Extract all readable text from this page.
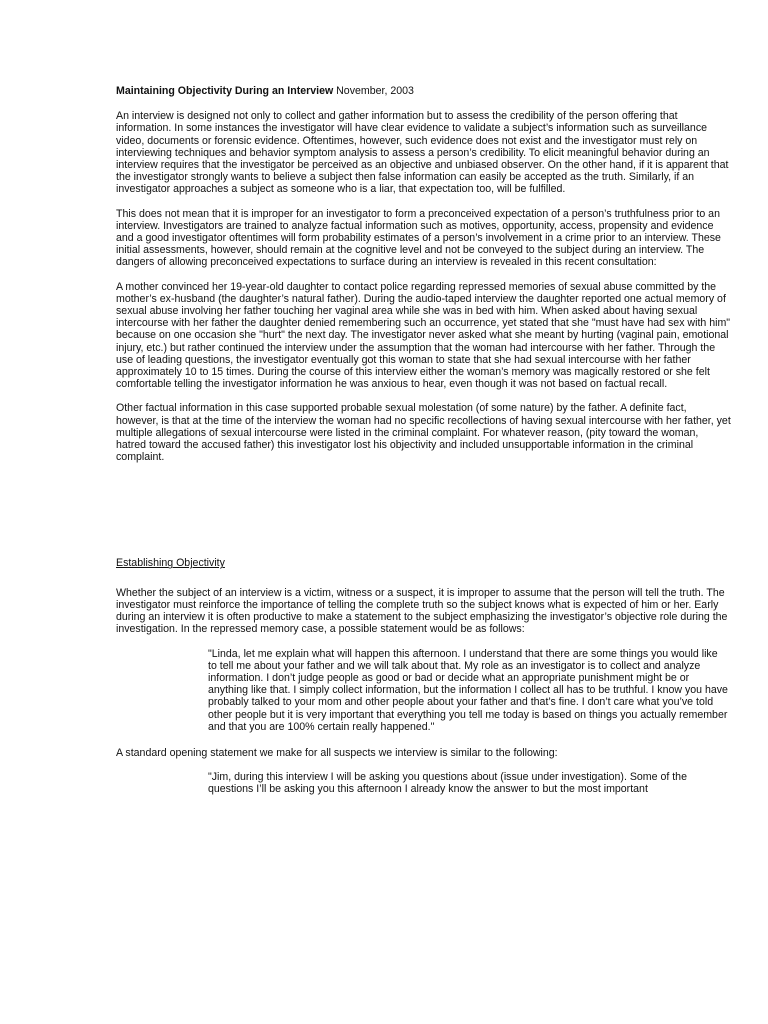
Maintaining Objectivity During an Interview November, 2003

An interview is designed not only to collect and gather information but to assess the credibility of the person offering that information. In some instances the investigator will have clear evidence to validate a subject’s information such as surveillance video, documents or forensic evidence. Oftentimes, however, such evidence does not exist and the investigator must rely on interviewing techniques and behavior symptom analysis to assess a person’s credibility. To elicit meaningful behavior during an interview requires that the investigator be perceived as an objective and unbiased observer. On the other hand, if it is apparent that the investigator strongly wants to believe a subject then false information can easily be accepted as the truth. Similarly, if an investigator approaches a subject as someone who is a liar, that expectation too, will be fulfilled.

This does not mean that it is improper for an investigator to form a preconceived expectation of a person’s truthfulness prior to an interview. Investigators are trained to analyze factual information such as motives, opportunity, access, propensity and evidence and a good investigator oftentimes will form probability estimates of a person’s involvement in a crime prior to an interview. These initial assessments, however, should remain at the cognitive level and not be conveyed to the subject during an interview. The dangers of allowing preconceived expectations to surface during an interview is revealed in this recent consultation:

A mother convinced her 19-year-old daughter to contact police regarding repressed memories of sexual abuse committed by the mother’s ex-husband (the daughter’s natural father). During the audio-taped interview the daughter reported one actual memory of sexual abuse involving her father touching her vaginal area while she was in bed with him. When asked about having sexual intercourse with her father the daughter denied remembering such an occurrence, yet stated that she "must have had sex with him" because on one occasion she "hurt" the next day. The investigator never asked what she meant by hurting (vaginal pain, emotional injury, etc.) but rather continued the interview under the assumption that the woman had intercourse with her father. Through the use of leading questions, the investigator eventually got this woman to state that she had sexual intercourse with her father approximately 10 to 15 times. During the course of this interview either the woman’s memory was magically restored or she felt comfortable telling the investigator information he was anxious to hear, even though it was not based on factual recall.

Other factual information in this case supported probable sexual molestation (of some nature) by the father. A definite fact, however, is that at the time of the interview the woman had no specific recollections of having sexual intercourse with her father, yet multiple allegations of sexual intercourse were listed in the criminal complaint. For whatever reason, (pity toward the woman, hatred toward the accused father) this investigator lost his objectivity and included unsupportable information in the criminal complaint.

Establishing Objectivity

Whether the subject of an interview is a victim, witness or a suspect, it is improper to assume that the person will tell the truth. The investigator must reinforce the importance of telling the complete truth so the subject knows what is expected of him or her. Early during an interview it is often productive to make a statement to the subject emphasizing the investigator’s objective role during the investigation. In the repressed memory case, a possible statement would be as follows:

"Linda, let me explain what will happen this afternoon. I understand that there are some things you would like to tell me about your father and we will talk about that. My role as an investigator is to collect and analyze information. I don’t judge people as good or bad or decide what an appropriate punishment might be or anything like that. I simply collect information, but the information I collect all has to be truthful. I know you have probably talked to your mom and other people about your father and that’s fine. I don’t care what you’ve told other people but it is very important that everything you tell me today is based on things you actually remember and that you are 100% certain really happened."

A standard opening statement we make for all suspects we interview is similar to the following:

"Jim, during this interview I will be asking you questions about (issue under investigation). Some of the questions I’ll be asking you this afternoon I already know the answer to but the most important
